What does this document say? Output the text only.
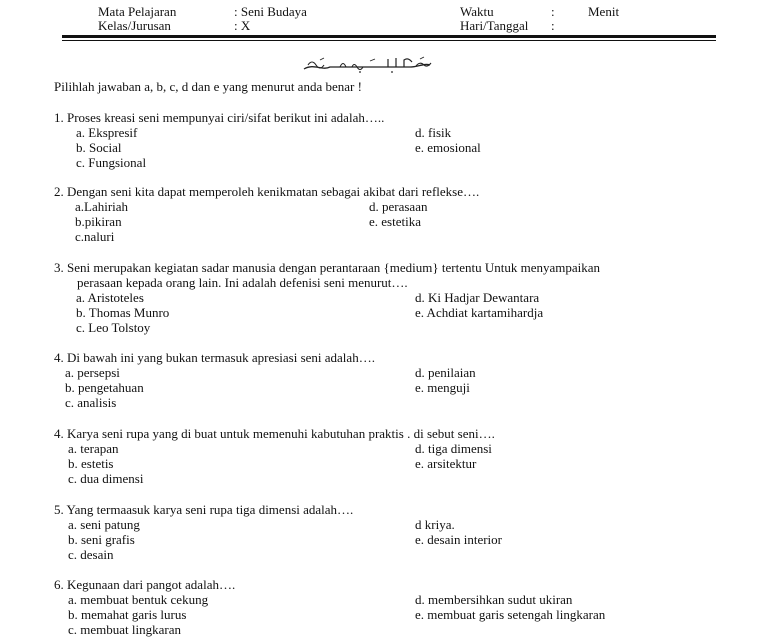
Mata Pelajaran	: Seni Budaya
Kelas/Jurusan	: X
Waktu	:	Menit
Hari/Tanggal :
Pilihlah jawaban a, b, c, d dan e yang menurut anda benar !
1. Proses kreasi seni mempunyai ciri/sifat berikut ini adalah…..
a. Ekspresif
b. Social
c. Fungsional
d. fisik
e. emosional
2. Dengan seni kita dapat memperoleh kenikmatan sebagai akibat dari reflekse….
a.Lahiriah
b.pikiran
c.naluri
d. perasaan
e. estetika
3. Seni merupakan kegiatan sadar manusia dengan perantaraan {medium} tertentu Untuk menyampaikan
perasaan kepada orang lain. Ini adalah defenisi seni menurut….
a. Aristoteles
b. Thomas Munro
c. Leo Tolstoy
d. Ki Hadjar Dewantara
e. Achdiat kartamihardja
4. Di bawah ini yang bukan termasuk apresiasi seni adalah….
a. persepsi
b. pengetahuan
c. analisis
d. penilaian
e. menguji
4. Karya seni rupa yang di buat untuk memenuhi kabutuhan praktis . di sebut seni….
a. terapan
b. estetis
c. dua dimensi
d. tiga dimensi
e. arsitektur
5. Yang termaasuk karya seni rupa tiga dimensi adalah….
a. seni patung
b. seni grafis
c. desain
d kriya.
e. desain interior
6. Kegunaan dari pangot adalah….
a. membuat bentuk cekung
b. memahat garis lurus
c. membuat lingkaran
d. membersihkan sudut ukiran
e. membuat garis setengah lingkaran
